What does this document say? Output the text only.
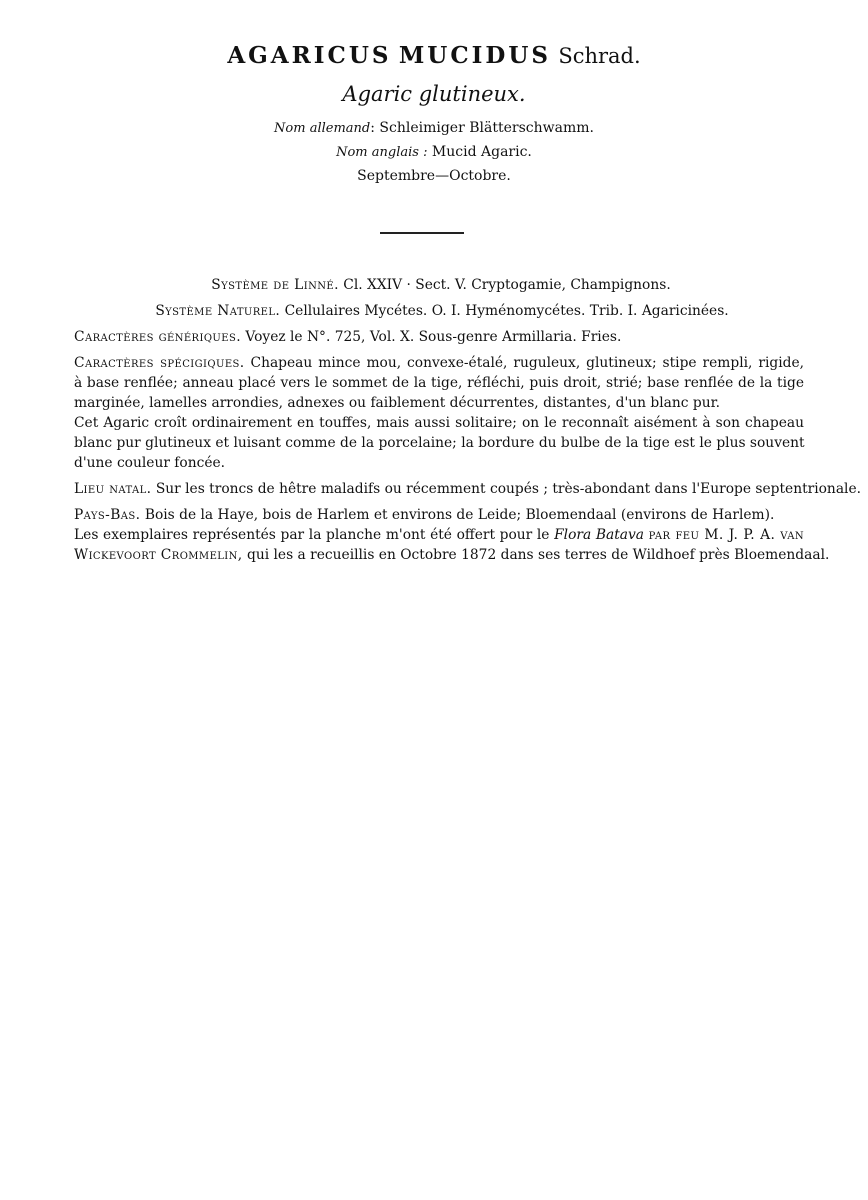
AGARICUS MUCIDUS Schrad.
Agaric glutineux.
Nom allemand: Schleimiger Blätterschwamm.
Nom anglais : Mucid Agaric.
Septembre—Octobre.
Système de Linné. Cl. XXIV · Sect. V. Cryptogamie, Champignons.
Système Naturel. Cellulaires Mycétes. O. I. Hyménomycétes. Trib. I. Agaricinées.
Caractères génériques. Voyez le N°. 725, Vol. X. Sous-genre Armillaria. Fries.
Caractères spécigiques. Chapeau mince mou, convexe-étalé, ruguleux, glutineux; stipe rempli, rigide,
à base renflée; anneau placé vers le sommet de la tige, réfléchi, puis droit, strié; base renflée de la tige
marginée, lamelles arrondies, adnexes ou faiblement décurrentes, distantes, d'un blanc pur.
Cet Agaric croît ordinairement en touffes, mais aussi solitaire; on le reconnaît aisément à son chapeau
blanc pur glutineux et luisant comme de la porcelaine; la bordure du bulbe de la tige est le plus souvent
d'une couleur foncée.
Lieu natal. Sur les troncs de hêtre maladifs ou récemment coupés ; très-abondant dans l'Europe septentrionale.
Pays-Bas. Bois de la Haye, bois de Harlem et environs de Leide; Bloemendaal (environs de Harlem).
Les exemplaires représentés par la planche m'ont été offert pour le Flora Batava par feu M. J. P. A. van
Wickevoort Crommelin, qui les a recueillis en Octobre 1872 dans ses terres de Wildhoef près Bloemendaal.
